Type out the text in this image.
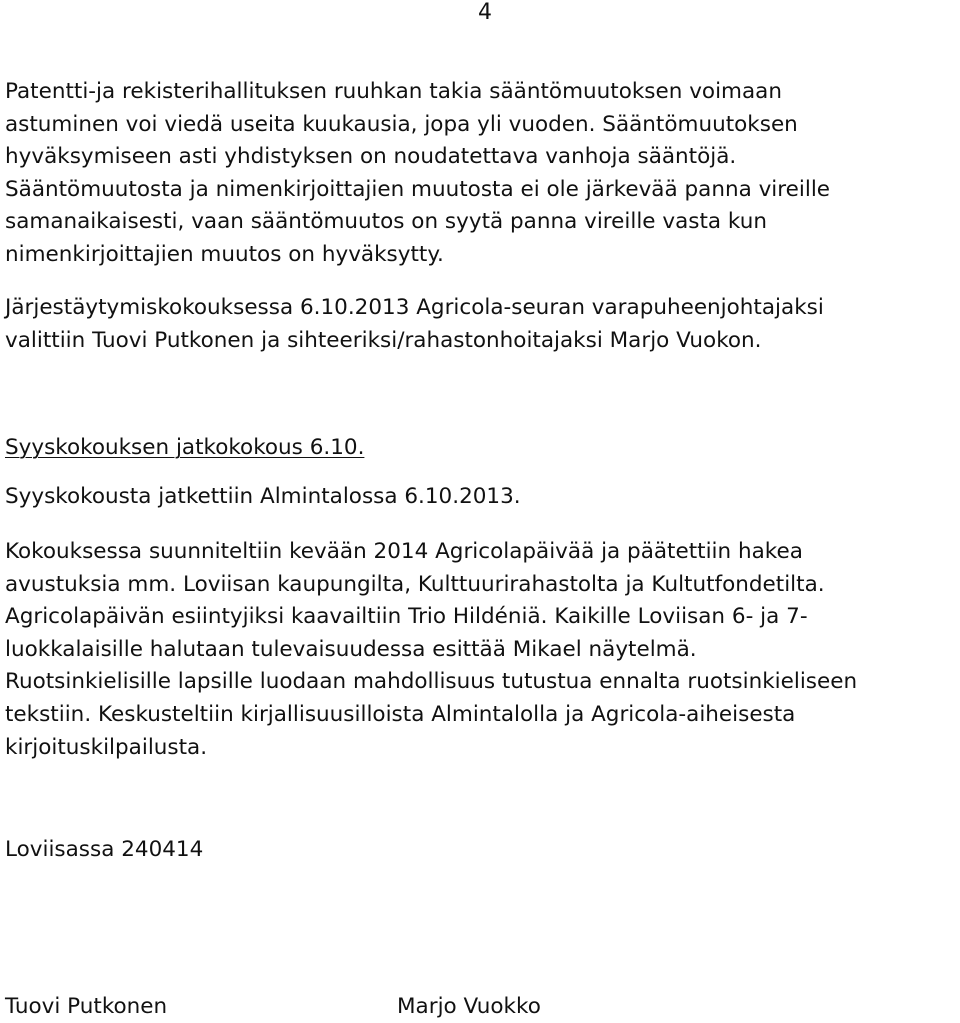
4

Patentti-ja rekisterihallituksen ruuhkan takia sääntömuutoksen voimaan
astuminen voi viedä useita kuukausia, jopa yli vuoden. Sääntömuutoksen
hyväksymiseen asti yhdistyksen on noudatettava vanhoja sääntöjä.
Sääntömuutosta ja nimenkirjoittajien muutosta ei ole järkevää panna vireille
samanaikaisesti, vaan sääntömuutos on syytä panna vireille vasta kun
nimenkirjoittajien muutos on hyväksytty.

Järjestäytymiskokouksessa 6.10.2013 Agricola-seuran varapuheenjohtajaksi
valittiin Tuovi Putkonen ja sihteeriksi/rahastonhoitajaksi Marjo Vuokon.

Syyskokouksen jatkokokous 6.10.

Syyskokousta jatkettiin Almintalossa 6.10.2013.

Kokouksessa suunniteltiin kevään 2014 Agricolapäivää ja päätettiin hakea
avustuksia mm. Loviisan kaupungilta, Kulttuurirahastolta ja Kultutfondetilta.
Agricolapäivän esiintyjiksi kaavailtiin Trio Hildéniä. Kaikille Loviisan 6- ja 7-
luokkalaisille halutaan tulevaisuudessa esittää Mikael näytelmä.
Ruotsinkielisille lapsille luodaan mahdollisuus tutustua ennalta ruotsinkieliseen
tekstiin. Keskusteltiin kirjallisuusilloista Almintalolla ja Agricola-aiheisesta
kirjoituskilpailusta.

Loviisassa 240414
Tuovi Putkonen	Marjo Vuokko
